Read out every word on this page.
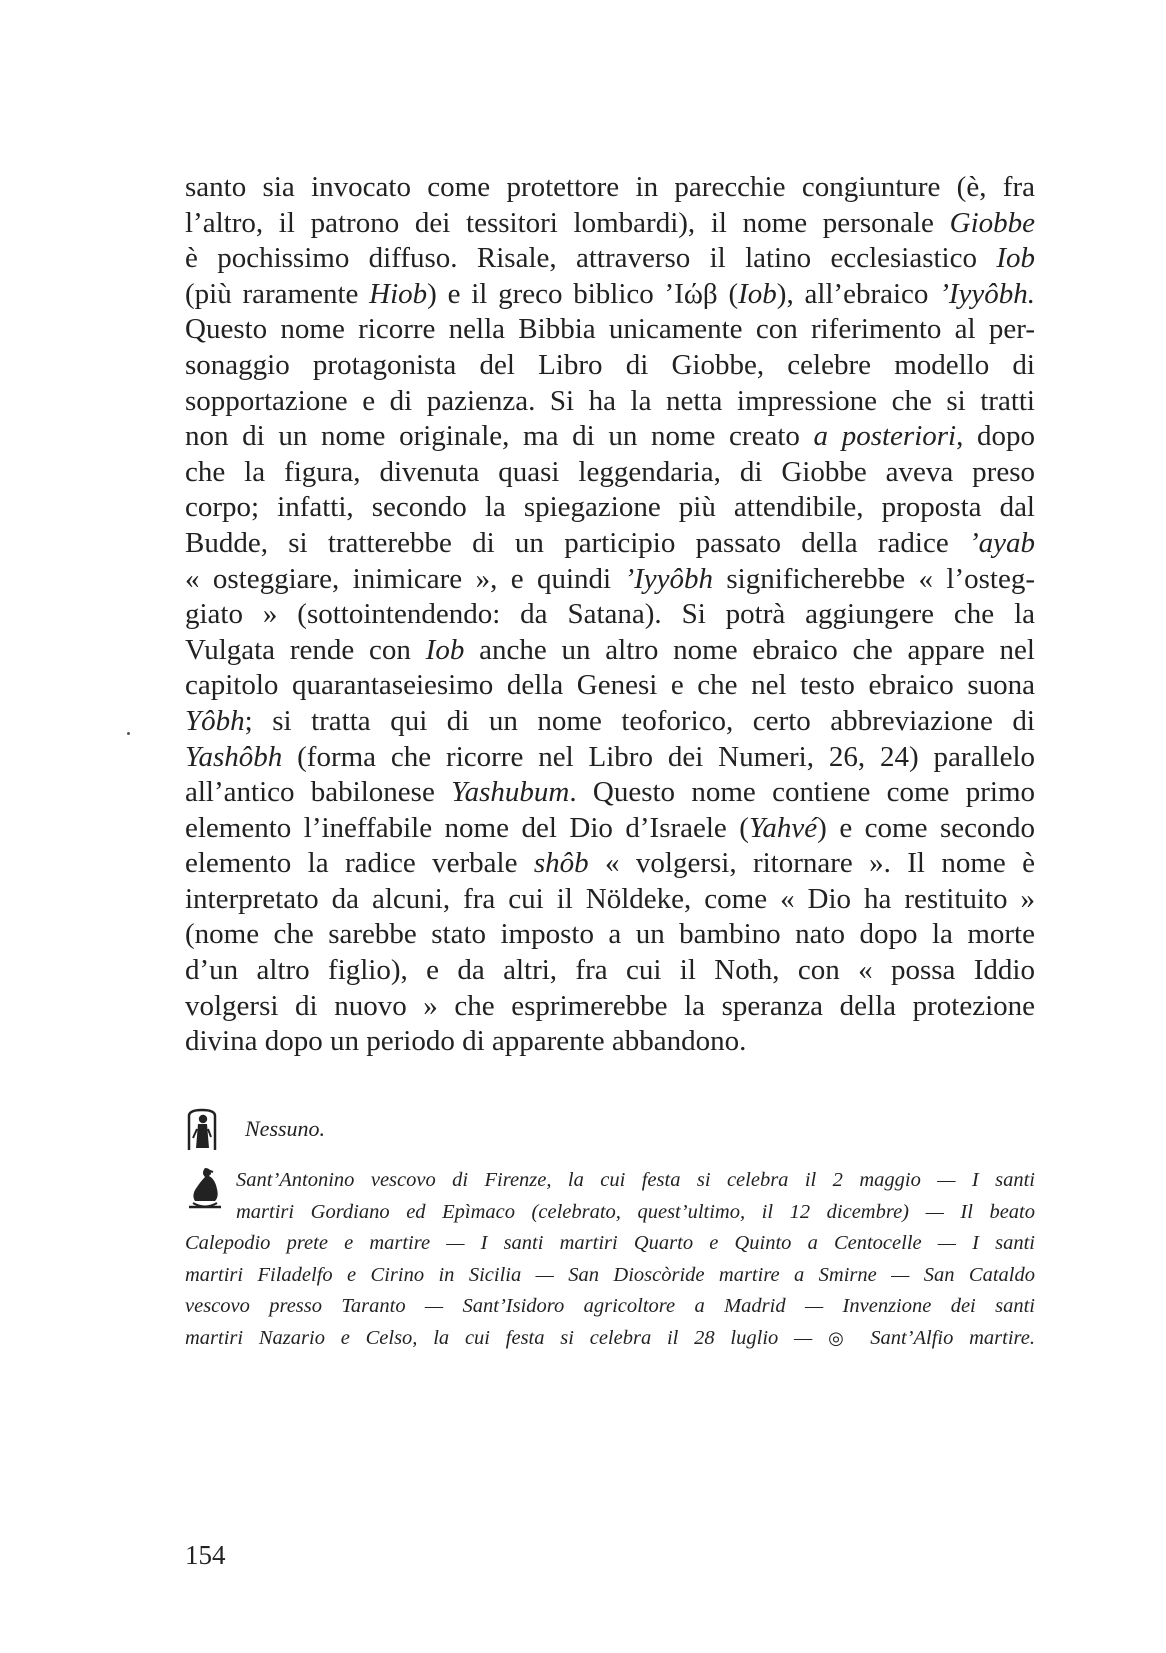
santo sia invocato come protettore in parecchie congiunture (è, fra
l’altro, il patrono dei tessitori lombardi), il nome personale Giobbe
è pochissimo diffuso. Risale, attraverso il latino ecclesiastico Iob
(più raramente Hiob) e il greco biblico ’Ιώβ (Iob), all’ebraico ’Iyyôbh.
Questo nome ricorre nella Bibbia unicamente con riferimento al per-
sonaggio protagonista del Libro di Giobbe, celebre modello di
sopportazione e di pazienza. Si ha la netta impressione che si tratti
non di un nome originale, ma di un nome creato a posteriori, dopo
che la figura, divenuta quasi leggendaria, di Giobbe aveva preso
corpo; infatti, secondo la spiegazione più attendibile, proposta dal
Budde, si tratterebbe di un participio passato della radice ’ayab
« osteggiare, inimicare », e quindi ’Iyyôbh significherebbe « l’osteg-
giato » (sottointendendo: da Satana). Si potrà aggiungere che la
Vulgata rende con Iob anche un altro nome ebraico che appare nel
capitolo quarantaseiesimo della Genesi e che nel testo ebraico suona
Yôbh; si tratta qui di un nome teoforico, certo abbreviazione di
Yashôbh (forma che ricorre nel Libro dei Numeri, 26, 24) parallelo
all’antico babilonese Yashubum. Questo nome contiene come primo
elemento l’ineffabile nome del Dio d’Israele (Yahvé) e come secondo
elemento la radice verbale shôb « volgersi, ritornare ». Il nome è
interpretato da alcuni, fra cui il Nöldeke, come « Dio ha restituito »
(nome che sarebbe stato imposto a un bambino nato dopo la morte
d’un altro figlio), e da altri, fra cui il Noth, con « possa Iddio
volgersi di nuovo » che esprimerebbe la speranza della protezione
divina dopo un periodo di apparente abbandono.
Nessuno.
Sant’Antonino vescovo di Firenze, la cui festa si celebra il 2 maggio — I santi
martiri Gordiano ed Epìmaco (celebrato, quest’ultimo, il 12 dicembre) — Il beato
Calepodio prete e martire — I santi martiri Quarto e Quinto a Centocelle — I santi
martiri Filadelfo e Cirino in Sicilia — San Dioscòride martire a Smirne — San Cataldo
vescovo presso Taranto — Sant’Isidoro agricoltore a Madrid — Invenzione dei santi
martiri Nazario e Celso, la cui festa si celebra il 28 luglio — ◎ Sant’Alfio martire.
154
